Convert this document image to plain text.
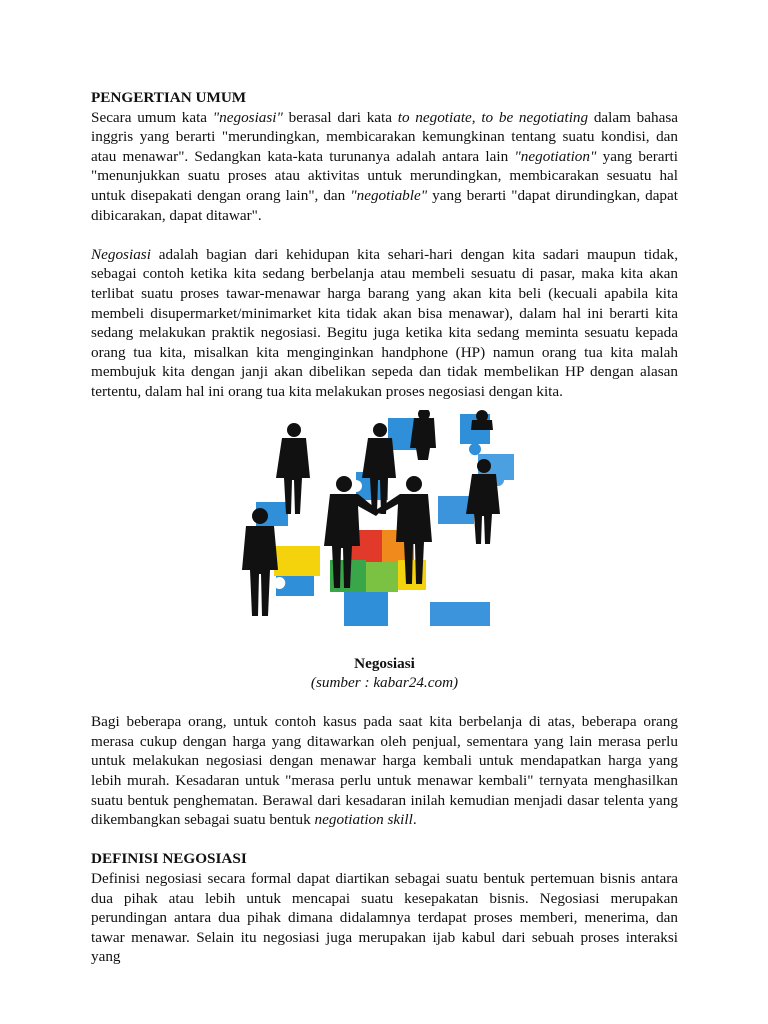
PENGERTIAN UMUM

Secara umum kata "negosiasi" berasal dari kata to negotiate, to be negotiating dalam bahasa inggris yang berarti "merundingkan, membicarakan kemungkinan tentang suatu kondisi, dan atau menawar". Sedangkan kata-kata turunanya adalah antara lain "negotiation" yang berarti "menunjukkan suatu proses atau aktivitas untuk merundingkan, membicarakan sesuatu hal untuk disepakati dengan orang lain", dan "negotiable" yang berarti "dapat dirundingkan, dapat dibicarakan, dapat ditawar".

Negosiasi adalah bagian dari kehidupan kita sehari-hari dengan kita sadari maupun tidak, sebagai contoh ketika kita sedang berbelanja atau membeli sesuatu di pasar, maka kita akan terlibat suatu proses tawar-menawar harga barang yang akan kita beli (kecuali apabila kita membeli disupermarket/minimarket kita tidak akan bisa menawar), dalam hal ini berarti kita sedang melakukan praktik negosiasi. Begitu juga ketika kita sedang meminta sesuatu kepada orang tua kita, misalkan kita menginginkan handphone (HP) namun orang tua kita malah membujuk kita dengan janji akan dibelikan sepeda dan tidak membelikan HP dengan alasan tertentu, dalam hal ini orang tua kita melakukan proses negosiasi dengan kita.

Negosiasi

(sumber : kabar24.com)

Bagi beberapa orang, untuk contoh kasus pada saat kita berbelanja di atas, beberapa orang merasa cukup dengan harga yang ditawarkan oleh penjual, sementara yang lain merasa perlu untuk melakukan negosiasi dengan menawar harga kembali untuk mendapatkan harga yang lebih murah. Kesadaran untuk "merasa perlu untuk menawar kembali" ternyata menghasilkan suatu bentuk penghematan. Berawal dari kesadaran inilah kemudian menjadi dasar telenta yang dikembangkan sebagai suatu bentuk negotiation skill.

DEFINISI NEGOSIASI

Definisi negosiasi secara formal dapat diartikan sebagai suatu bentuk pertemuan bisnis antara dua pihak atau lebih untuk mencapai suatu kesepakatan bisnis. Negosiasi merupakan perundingan antara dua pihak dimana didalamnya terdapat proses memberi, menerima, dan tawar menawar. Selain itu negosiasi juga merupakan ijab kabul dari sebuah proses interaksi yang
